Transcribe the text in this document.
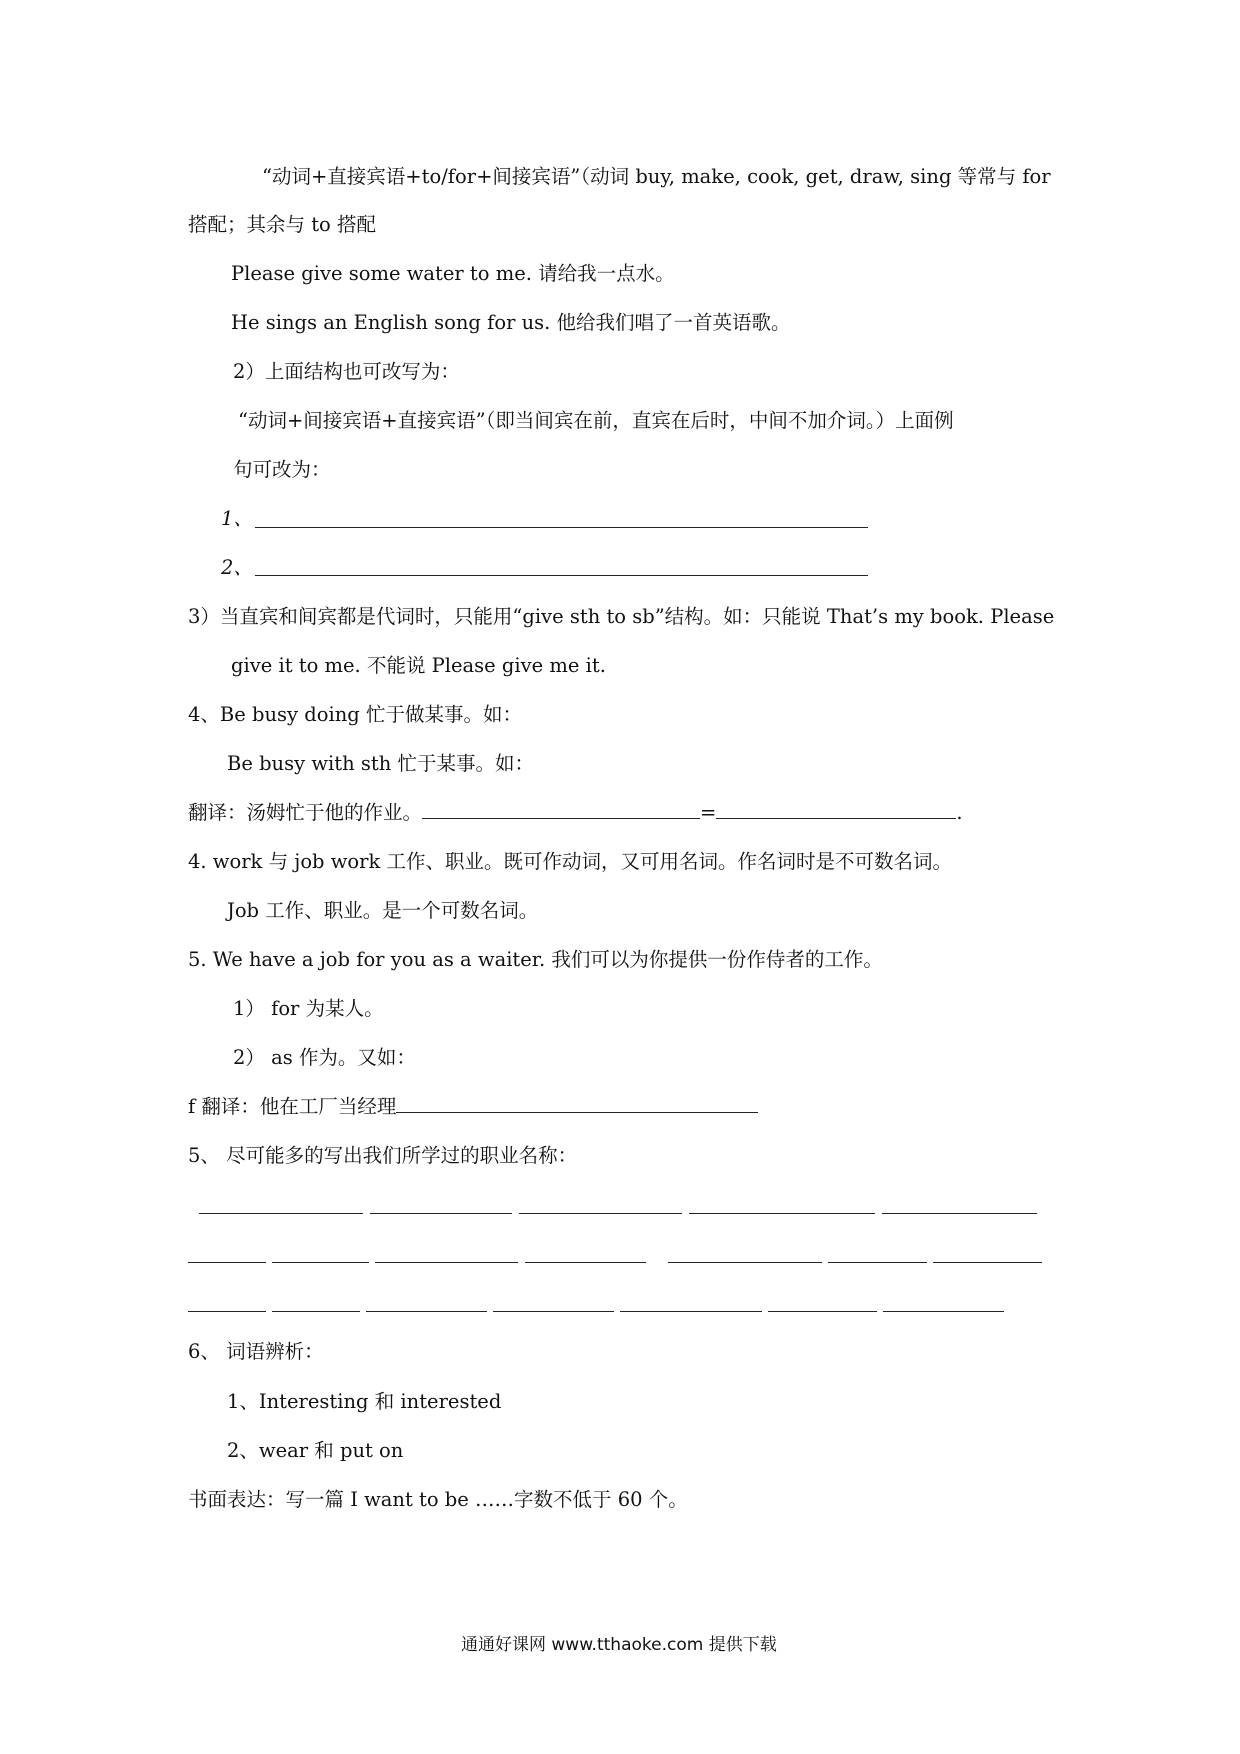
“动词+直接宾语+to/for+间接宾语”（动词 buy, make, cook, get, draw, sing 等常与 for
搭配；其余与 to 搭配
Please give some water to me. 请给我一点水。
He sings an English song for us. 他给我们唱了一首英语歌。
2）上面结构也可改写为：
“动词+间接宾语+直接宾语”（即当间宾在前，直宾在后时，中间不加介词。）上面例
句可改为：
1、
2、
3）当直宾和间宾都是代词时，只能用“give sth to sb”结构。如：只能说 That’s my book. Please
give it to me. 不能说 Please give me it.
4、Be busy doing 忙于做某事。如：
Be busy with sth 忙于某事。如：
翻译：汤姆忙于他的作业。	=	.
4. work 与 job work 工作、职业。既可作动词，又可用名词。作名词时是不可数名词。
Job 工作、职业。是一个可数名词。
5. We have a job for you as a waiter. 我们可以为你提供一份作侍者的工作。
1） for 为某人。
2） as 作为。又如：
f 翻译：他在工厂当经理
5、 尽可能多的写出我们所学过的职业名称：
6、 词语辨析：
1、Interesting 和 interested
2、wear 和 put on
书面表达：写一篇 I want to be ……字数不低于 60 个。
通通好课网 www.tthaoke.com 提供下载
